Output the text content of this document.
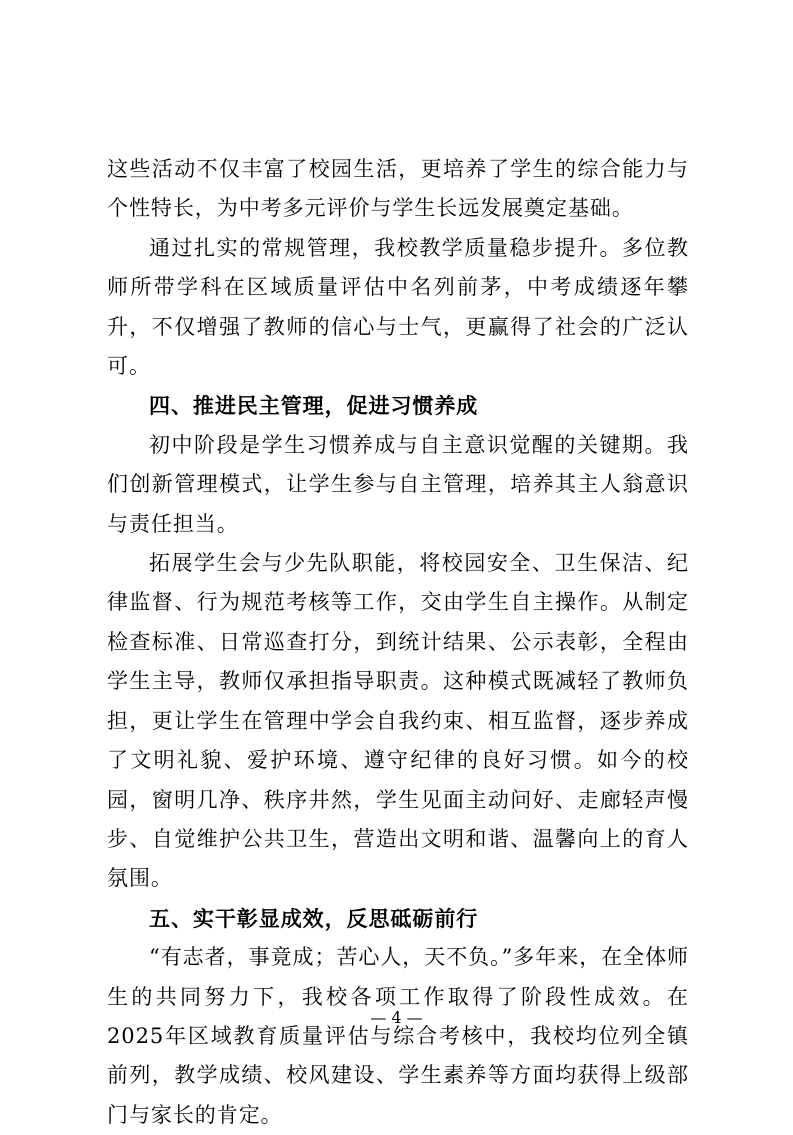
这些活动不仅丰富了校园生活，更培养了学生的综合能力与个性特长，为中考多元评价与学生长远发展奠定基础。

通过扎实的常规管理，我校教学质量稳步提升。多位教师所带学科在区域质量评估中名列前茅，中考成绩逐年攀升，不仅增强了教师的信心与士气，更赢得了社会的广泛认可。

四、推进民主管理，促进习惯养成

初中阶段是学生习惯养成与自主意识觉醒的关键期。我们创新管理模式，让学生参与自主管理，培养其主人翁意识与责任担当。

拓展学生会与少先队职能，将校园安全、卫生保洁、纪律监督、行为规范考核等工作，交由学生自主操作。从制定检查标准、日常巡查打分，到统计结果、公示表彰，全程由学生主导，教师仅承担指导职责。这种模式既减轻了教师负担，更让学生在管理中学会自我约束、相互监督，逐步养成了文明礼貌、爱护环境、遵守纪律的良好习惯。如今的校园，窗明几净、秩序井然，学生见面主动问好、走廊轻声慢步、自觉维护公共卫生，营造出文明和谐、温馨向上的育人氛围。

五、实干彰显成效，反思砥砺前行

“有志者，事竟成；苦心人，天不负。”多年来，在全体师生的共同努力下，我校各项工作取得了阶段性成效。在2025年区域教育质量评估与综合考核中，我校均位列全镇前列，教学成绩、校风建设、学生素养等方面均获得上级部门与家长的肯定。

— 4 —
